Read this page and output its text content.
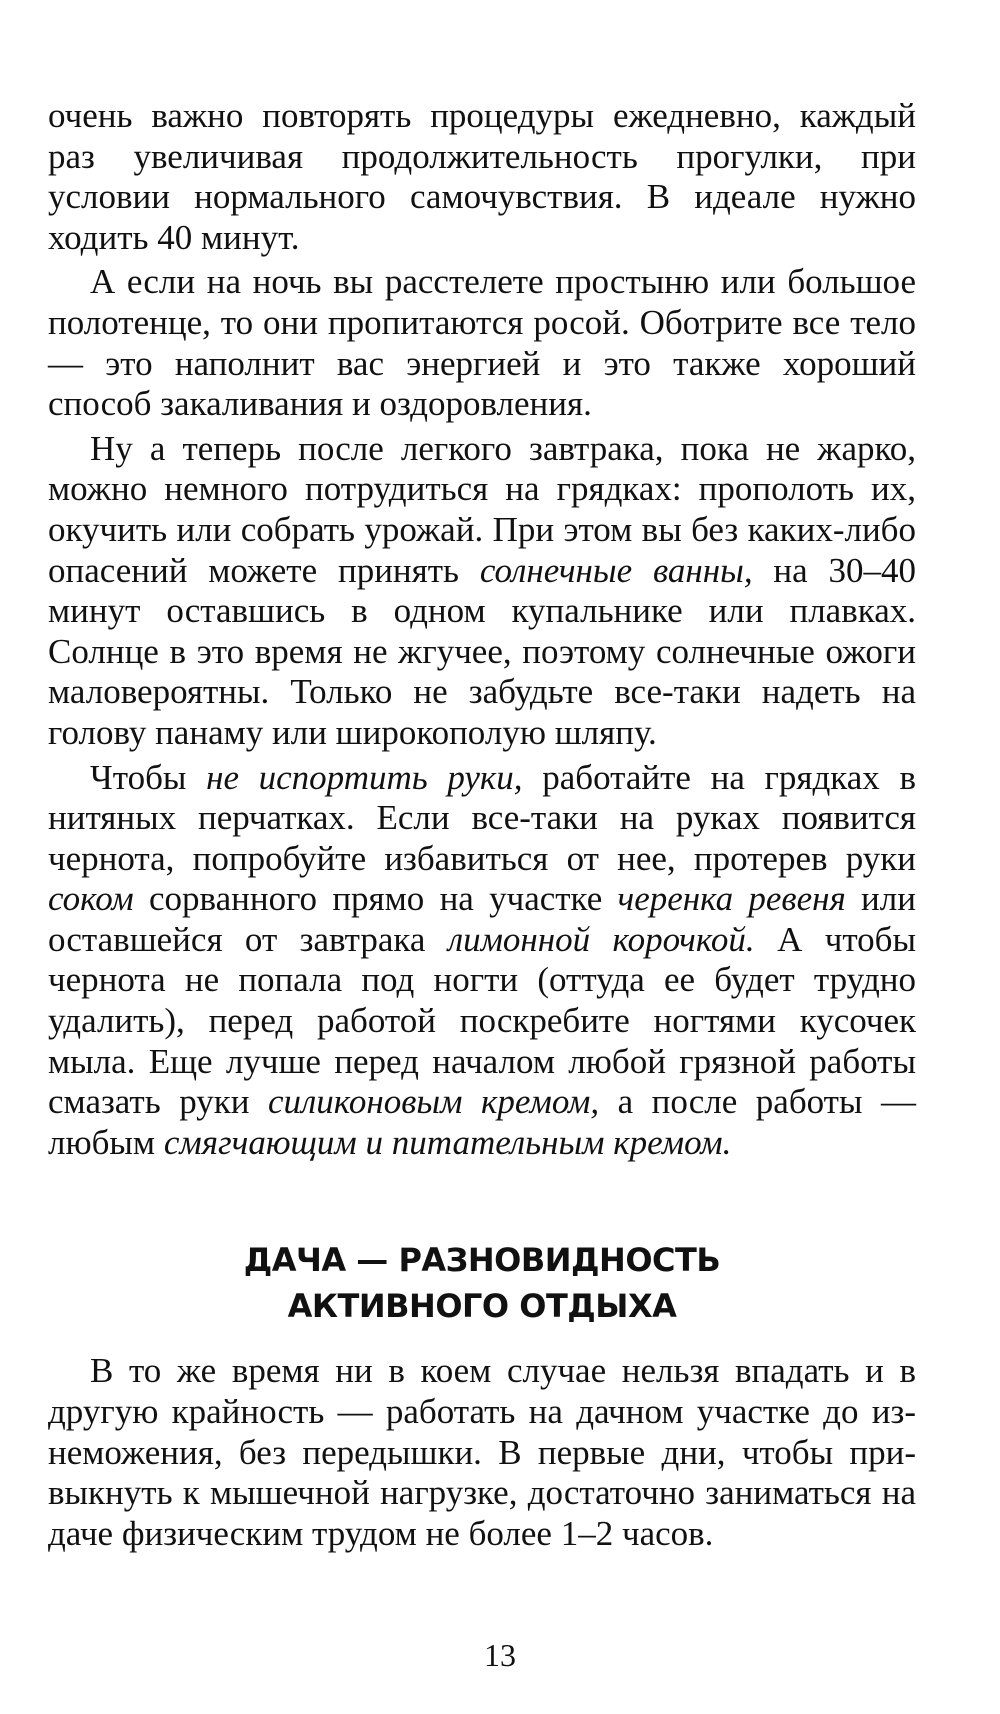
очень важно повторять процедуры ежедневно, каждый раз увеличивая продолжительность прогулки, при условии нормального самочувствия. В идеале нужно ходить 40 минут.

А если на ночь вы расстелете простыню или большое полотенце, то они пропитаются росой. Оботрите все тело — это наполнит вас энергией и это также хороший способ закаливания и оздоровления.

Ну а теперь после легкого завтрака, пока не жарко, можно немного потрудиться на грядках: прополоть их, окучить или собрать урожай. При этом вы без каких-либо опасений можете принять солнечные ванны, на 30–40 минут оставшись в одном купальнике или плавках. Солнце в это время не жгучее, поэтому солнечные ожоги маловероятны. Только не забудьте все-таки надеть на голову панаму или широкополую шляпу.

Чтобы не испортить руки, работайте на грядках в нитяных перчатках. Если все-таки на руках появится чернота, попробуйте избавиться от нее, протерев руки соком сорванного прямо на участке черенка ревеня или оставшейся от завтрака лимонной корочкой. А чтобы чернота не попала под ногти (оттуда ее будет трудно удалить), перед работой поскребите ногтями кусочек мыла. Еще лучше перед началом любой грязной работы смазать руки силиконовым кремом, а после работы — любым смягчающим и питательным кремом.

ДАЧА — РАЗНОВИДНОСТЬ
АКТИВНОГО ОТДЫХА

В то же время ни в коем случае нельзя впадать и в другую крайность — работать на дачном участке до изнеможения, без передышки. В первые дни, чтобы привыкнуть к мышечной нагрузке, достаточно заниматься на даче физическим трудом не более 1–2 часов.

13
